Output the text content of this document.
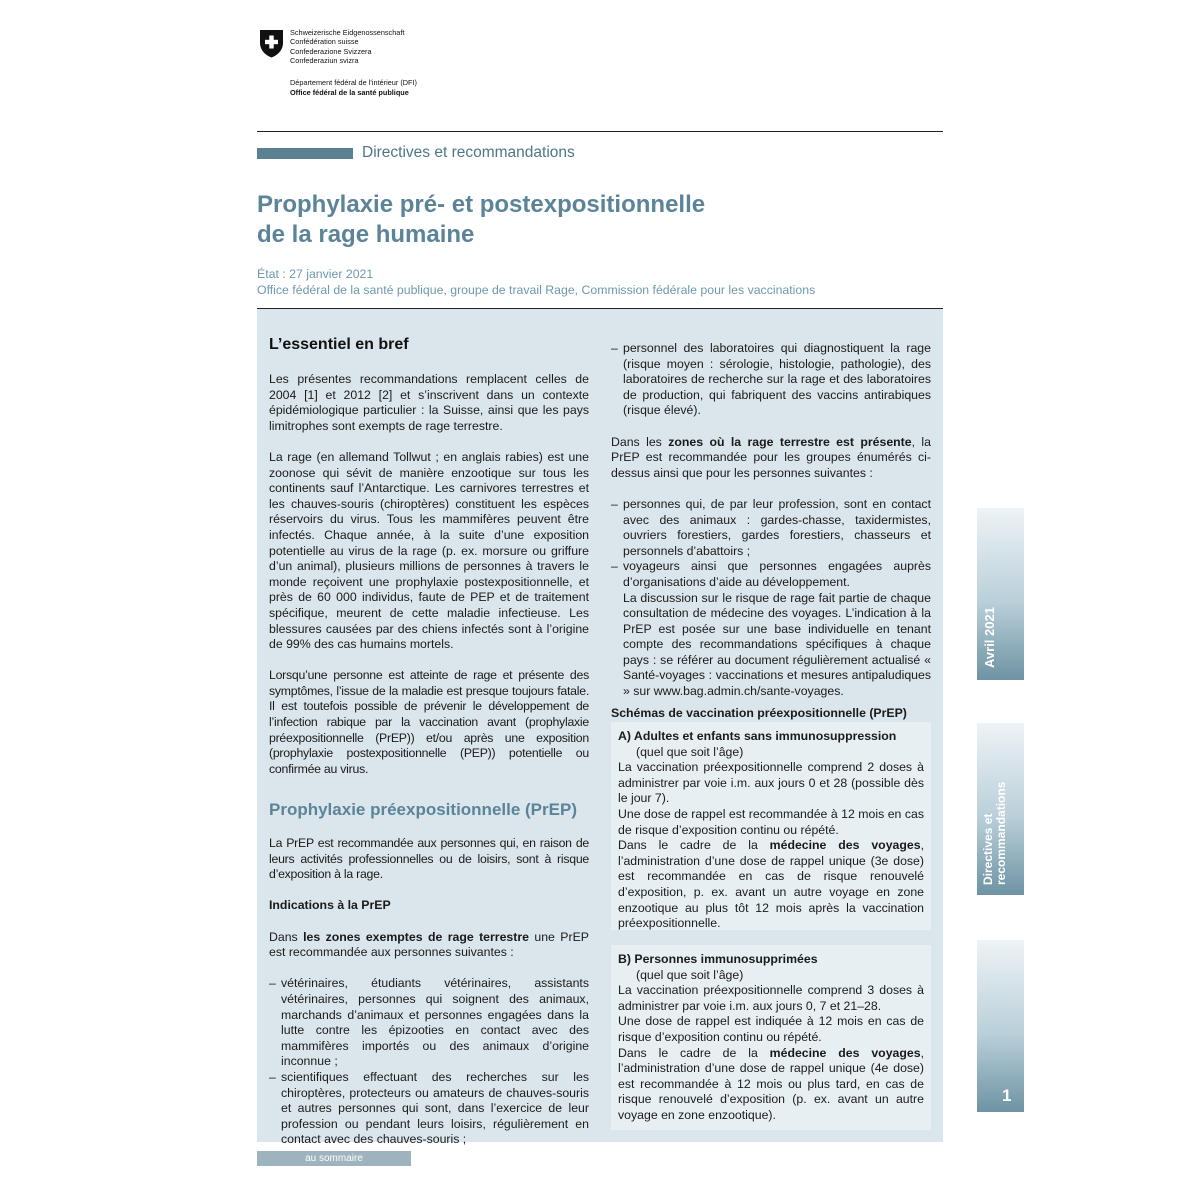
Schweizerische Eidgenossenschaft
Confédération suisse
Confederazione Svizzera
Confederaziun svizra
Département fédéral de l’intérieur (DFI)
Office fédéral de la santé publique
Directives et recommandations
Prophylaxie pré- et postexpositionnelle
de la rage humaine
État : 27 janvier 2021
Office fédéral de la santé publique, groupe de travail Rage, Commission fédérale pour les vaccinations
L’essentiel en bref

Les présentes recommandations remplacent celles de 2004 [1] et 2012 [2] et s’inscrivent dans un contexte épidémiologique particulier : la Suisse, ainsi que les pays limitrophes sont exempts de rage terrestre.

La rage (en allemand Tollwut ; en anglais rabies) est une zoonose qui sévit de manière enzootique sur tous les continents sauf l’Antarctique. Les carnivores terrestres et les chauves-souris (chiroptères) constituent les espèces réservoirs du virus. Tous les mammifères peuvent être infectés. Chaque année, à la suite d’une exposition potentielle au virus de la rage (p. ex. morsure ou griffure d’un animal), plusieurs millions de personnes à travers le monde reçoivent une prophylaxie postexpositionnelle, et près de 60 000 individus, faute de PEP et de traitement spécifique, meurent de cette maladie infectieuse. Les blessures causées par des chiens infectés sont à l’origine de 99% des cas humains mortels.

Lorsqu’une personne est atteinte de rage et présente des symptômes, l’issue de la maladie est presque toujours fatale. Il est toutefois possible de prévenir le développement de l’infection rabique par la vaccination avant (prophylaxie préexpositionnelle (PrEP)) et/ou après une exposition (prophylaxie postexpositionnelle (PEP)) potentielle ou confirmée au virus.

Prophylaxie préexpositionnelle (PrEP)

La PrEP est recommandée aux personnes qui, en raison de leurs activités professionnelles ou de loisirs, sont à risque d’exposition à la rage.

Indications à la PrEP

Dans les zones exemptes de rage terrestre une PrEP est recommandée aux personnes suivantes :

– vétérinaires, étudiants vétérinaires, assistants vétérinaires, personnes qui soignent des animaux, marchands d’animaux et personnes engagées dans la lutte contre les épizooties en contact avec des mammifères importés ou des animaux d’origine inconnue ;

– scientifiques effectuant des recherches sur les chiroptères, protecteurs ou amateurs de chauves-souris et autres personnes qui sont, dans l’exercice de leur profession ou pendant leurs loisirs, régulièrement en contact avec des chauves-souris ;

– personnel des laboratoires qui diagnostiquent la rage (risque moyen : sérologie, histologie, pathologie), des laboratoires de recherche sur la rage et des laboratoires de production, qui fabriquent des vaccins antirabiques (risque élevé).

Dans les zones où la rage terrestre est présente, la PrEP est recommandée pour les groupes énumérés ci-dessus ainsi que pour les personnes suivantes :

– personnes qui, de par leur profession, sont en contact avec des animaux : gardes-chasse, taxidermistes, ouvriers forestiers, gardes forestiers, chasseurs et personnels d’abattoirs ;

– voyageurs ainsi que personnes engagées auprès d’organisations d’aide au développement.

La discussion sur le risque de rage fait partie de chaque consultation de médecine des voyages. L’indication à la PrEP est posée sur une base individuelle en tenant compte des recommandations spécifiques à chaque pays : se référer au document régulièrement actualisé « Santé-voyages : vaccinations et mesures antipaludiques » sur www.bag.admin.ch/sante-voyages.

Schémas de vaccination préexpositionnelle (PrEP)

A) Adultes et enfants sans immunosuppression

(quel que soit l’âge)

La vaccination préexpositionnelle comprend 2 doses à administrer par voie i.m. aux jours 0 et 28 (possible dès le jour 7).

Une dose de rappel est recommandée à 12 mois en cas de risque d’exposition continu ou répété.

Dans le cadre de la médecine des voyages, l’administration d’une dose de rappel unique (3e dose) est recommandée en cas de risque renouvelé d’exposition, p. ex. avant un autre voyage en zone enzootique au plus tôt 12 mois après la vaccination préexpositionnelle.

B) Personnes immunosupprimées

(quel que soit l’âge)

La vaccination préexpositionnelle comprend 3 doses à administrer par voie i.m. aux jours 0, 7 et 21–28.

Une dose de rappel est indiquée à 12 mois en cas de risque d’exposition continu ou répété.

Dans le cadre de la médecine des voyages, l’administration d’une dose de rappel unique (4e dose) est recommandée à 12 mois ou plus tard, en cas de risque renouvelé d’exposition (p. ex. avant un autre voyage en zone enzootique).

Avril 2021
Directives et recommandations
1
au sommaire
